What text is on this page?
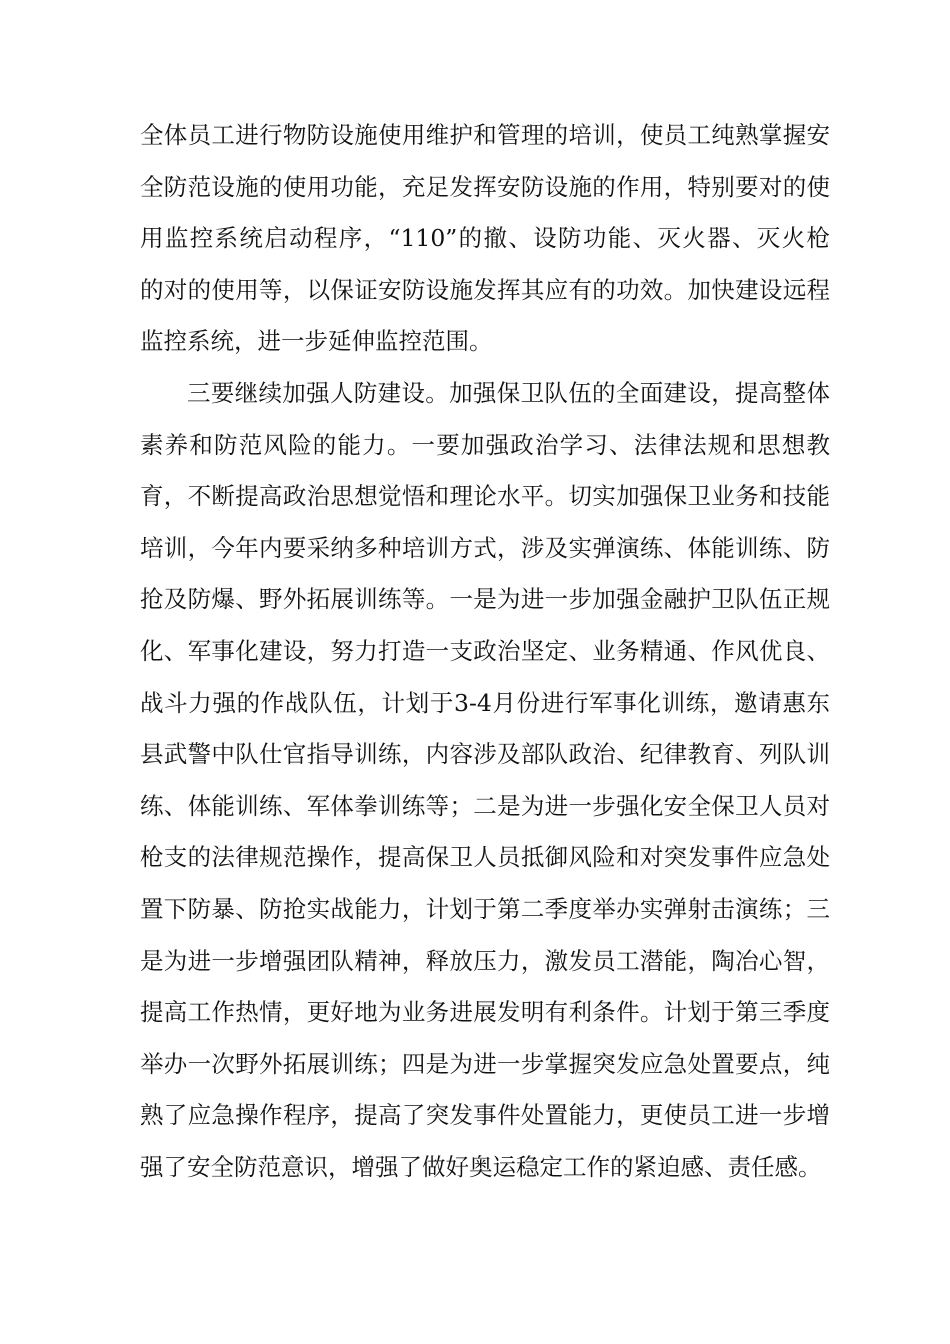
全体员工进行物防设施使用维护和管理的培训，使员工纯熟掌握安
全防范设施的使用功能，充足发挥安防设施的作用，特别要对的使
用监控系统启动程序，“110”的撤、设防功能、灭火器、灭火枪
的对的使用等，以保证安防设施发挥其应有的功效。加快建设远程
监控系统，进一步延伸监控范围。
三要继续加强人防建设。加强保卫队伍的全面建设，提高整体
素养和防范风险的能力。一要加强政治学习、法律法规和思想教
育，不断提高政治思想觉悟和理论水平。切实加强保卫业务和技能
培训，今年内要采纳多种培训方式，涉及实弹演练、体能训练、防
抢及防爆、野外拓展训练等。一是为进一步加强金融护卫队伍正规
化、军事化建设，努力打造一支政治坚定、业务精通、作风优良、
战斗力强的作战队伍，计划于3-4月份进行军事化训练，邀请惠东
县武警中队仕官指导训练，内容涉及部队政治、纪律教育、列队训
练、体能训练、军体拳训练等；二是为进一步强化安全保卫人员对
枪支的法律规范操作，提高保卫人员抵御风险和对突发事件应急处
置下防暴、防抢实战能力，计划于第二季度举办实弹射击演练；三
是为进一步增强团队精神，释放压力，激发员工潜能，陶冶心智，
提高工作热情，更好地为业务进展发明有利条件。计划于第三季度
举办一次野外拓展训练；四是为进一步掌握突发应急处置要点，纯
熟了应急操作程序，提高了突发事件处置能力，更使员工进一步增
强了安全防范意识，增强了做好奥运稳定工作的紧迫感、责任感。
